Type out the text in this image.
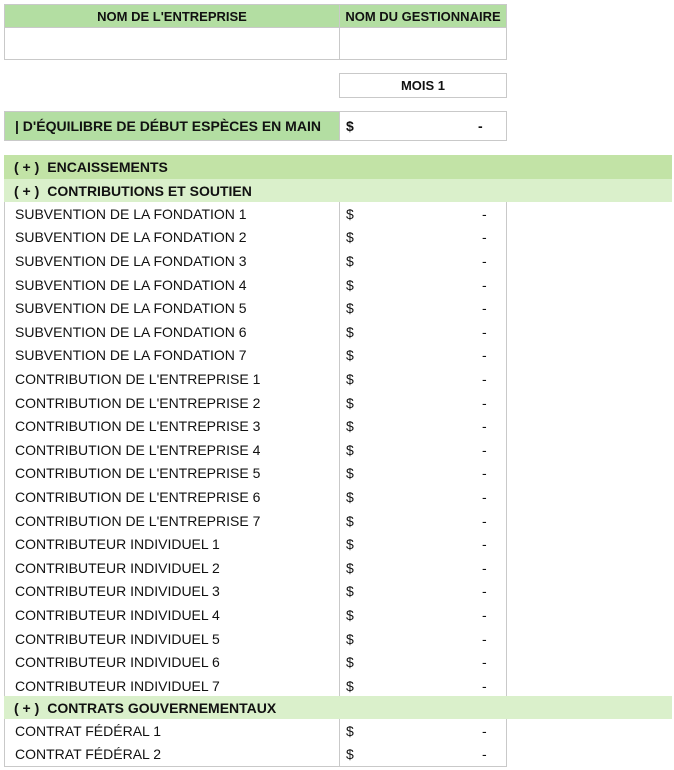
NOM DE L'ENTREPRISE	NOM DU GESTIONNAIRE
MOIS 1
| D'ÉQUILIBRE DE DÉBUT ESPÈCES EN MAIN $	-
( + ) ENCAISSEMENTS
( + ) CONTRIBUTIONS ET SOUTIEN
SUBVENTION DE LA FONDATION 1	$	-
SUBVENTION DE LA FONDATION 2	$	-
SUBVENTION DE LA FONDATION 3	$	-
SUBVENTION DE LA FONDATION 4	$	-
SUBVENTION DE LA FONDATION 5	$	-
SUBVENTION DE LA FONDATION 6	$	-
SUBVENTION DE LA FONDATION 7	$	-
CONTRIBUTION DE L'ENTREPRISE 1	$	-
CONTRIBUTION DE L'ENTREPRISE 2	$	-
CONTRIBUTION DE L'ENTREPRISE 3	$	-
CONTRIBUTION DE L'ENTREPRISE 4	$	-
CONTRIBUTION DE L'ENTREPRISE 5	$	-
CONTRIBUTION DE L'ENTREPRISE 6	$	-
CONTRIBUTION DE L'ENTREPRISE 7	$	-
CONTRIBUTEUR INDIVIDUEL 1	$	-
CONTRIBUTEUR INDIVIDUEL 2	$	-
CONTRIBUTEUR INDIVIDUEL 3	$	-
CONTRIBUTEUR INDIVIDUEL 4	$	-
CONTRIBUTEUR INDIVIDUEL 5	$	-
CONTRIBUTEUR INDIVIDUEL 6	$	-
CONTRIBUTEUR INDIVIDUEL 7	$	-
( + ) CONTRATS GOUVERNEMENTAUX
CONTRAT FÉDÉRAL 1	$	-
CONTRAT FÉDÉRAL 2	$	-
